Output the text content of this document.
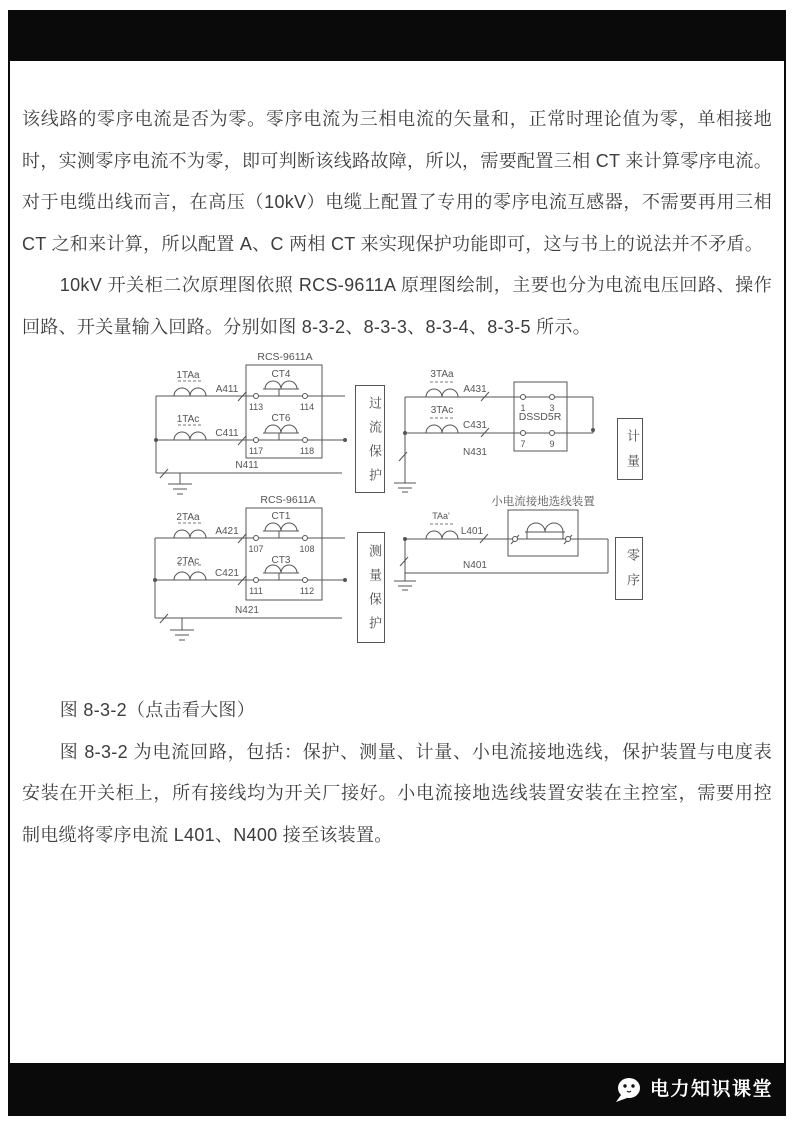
该线路的零序电流是否为零。零序电流为三相电流的矢量和，正常时理论值为零，单相接地时，实测零序电流不为零，即可判断该线路故障，所以，需要配置三相 CT 来计算零序电流。对于电缆出线而言，在高压（10kV）电缆上配置了专用的零序电流互感器，不需要再用三相 CT 之和来计算，所以配置 A、C 两相 CT 来实现保护功能即可，这与书上的说法并不矛盾。

10kV 开关柜二次原理图依照 RCS-9611A 原理图绘制，主要也分为电流电压回路、操作回路、开关量输入回路。分别如图 8-3-2、8-3-3、8-3-4、8-3-5 所示。

RCS-9611A
CT4
CT6
1TAa
1TAc
A411
C411
N411
113	114
117	118
3TAa
3TAc
A431
C431
N431
DSSD5R
1	3
7	9
RCS-9611A
CT1
CT3
2TAa
2TAc
A421
C421
N421
107	108
111	112
小电流接地选线装置
TAa'
L401
N401
过流保护	计量
测量保护	零序

图 8-3-2（点击看大图）

图 8-3-2 为电流回路，包括：保护、测量、计量、小电流接地选线，保护装置与电度表安装在开关柜上，所有接线均为开关厂接好。小电流接地选线装置安装在主控室，需要用控制电缆将零序电流 L401、N400 接至该装置。

电力知识课堂
